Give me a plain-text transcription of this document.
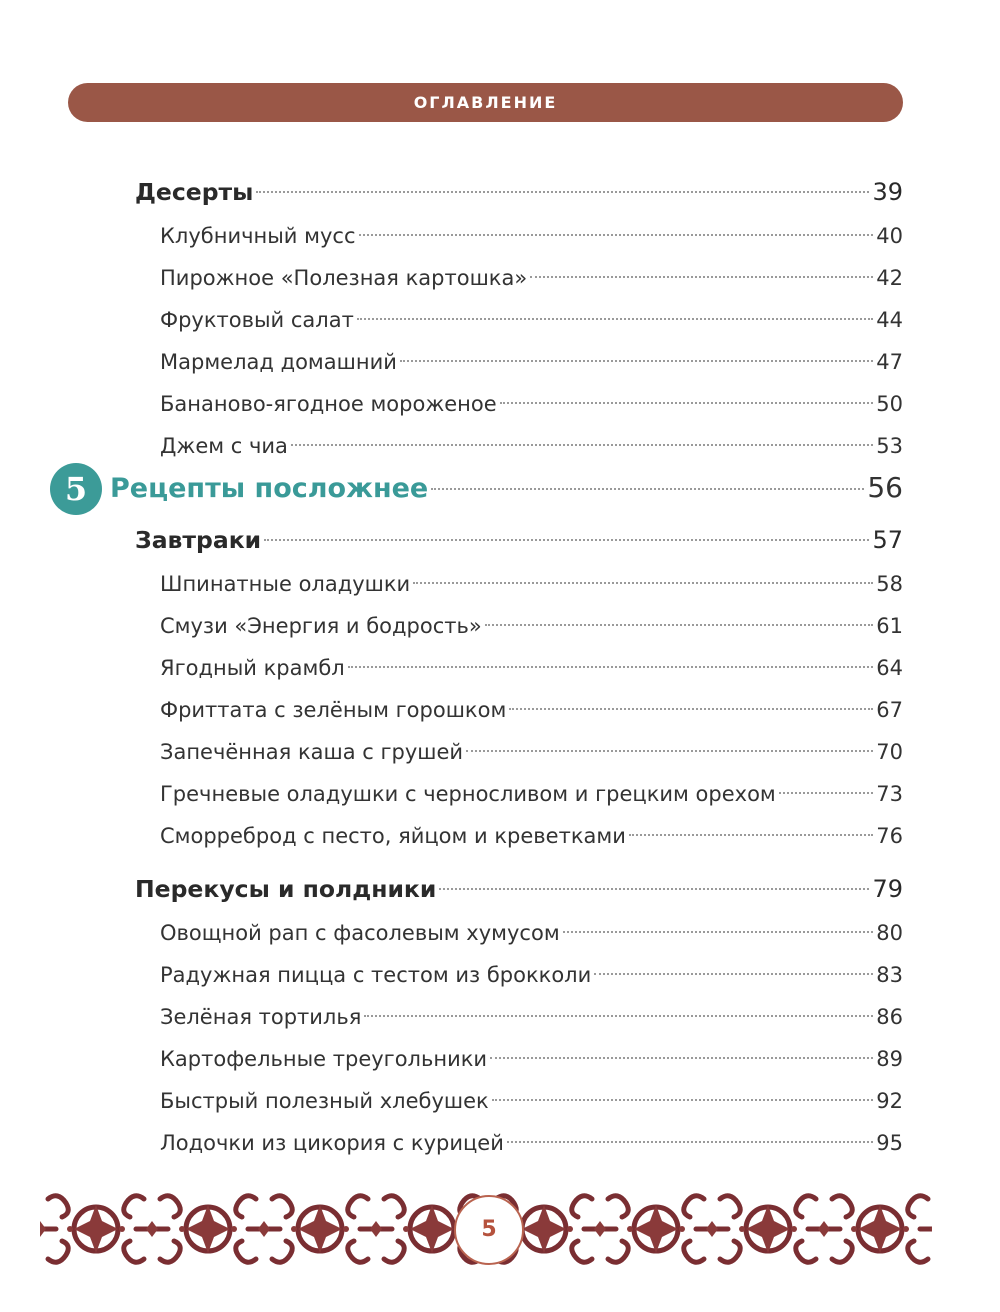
ОГЛАВЛЕНИЕ
Десерты	39
Клубничный мусс	40
Пирожное «Полезная картошка»	42
Фруктовый салат	44
Мармелад домашний	47
Бананово-ягодное мороженое	50
Джем с чиа	53
5 Рецепты посложнее	56
Завтраки	57
Шпинатные оладушки	58
Смузи «Энергия и бодрость»	61
Ягодный крамбл	64
Фриттата с зелёным горошком	67
Запечённая каша с грушей	70
Гречневые оладушки с черносливом и грецким орехом	73
Сморреброд с песто, яйцом и креветками	76
Перекусы и полдники	79
Овощной рап с фасолевым хумусом	80
Радужная пицца с тестом из брокколи	83
Зелёная тортилья	86
Картофельные треугольники	89
Быстрый полезный хлебушек	92
Лодочки из цикория с курицей	95
5
